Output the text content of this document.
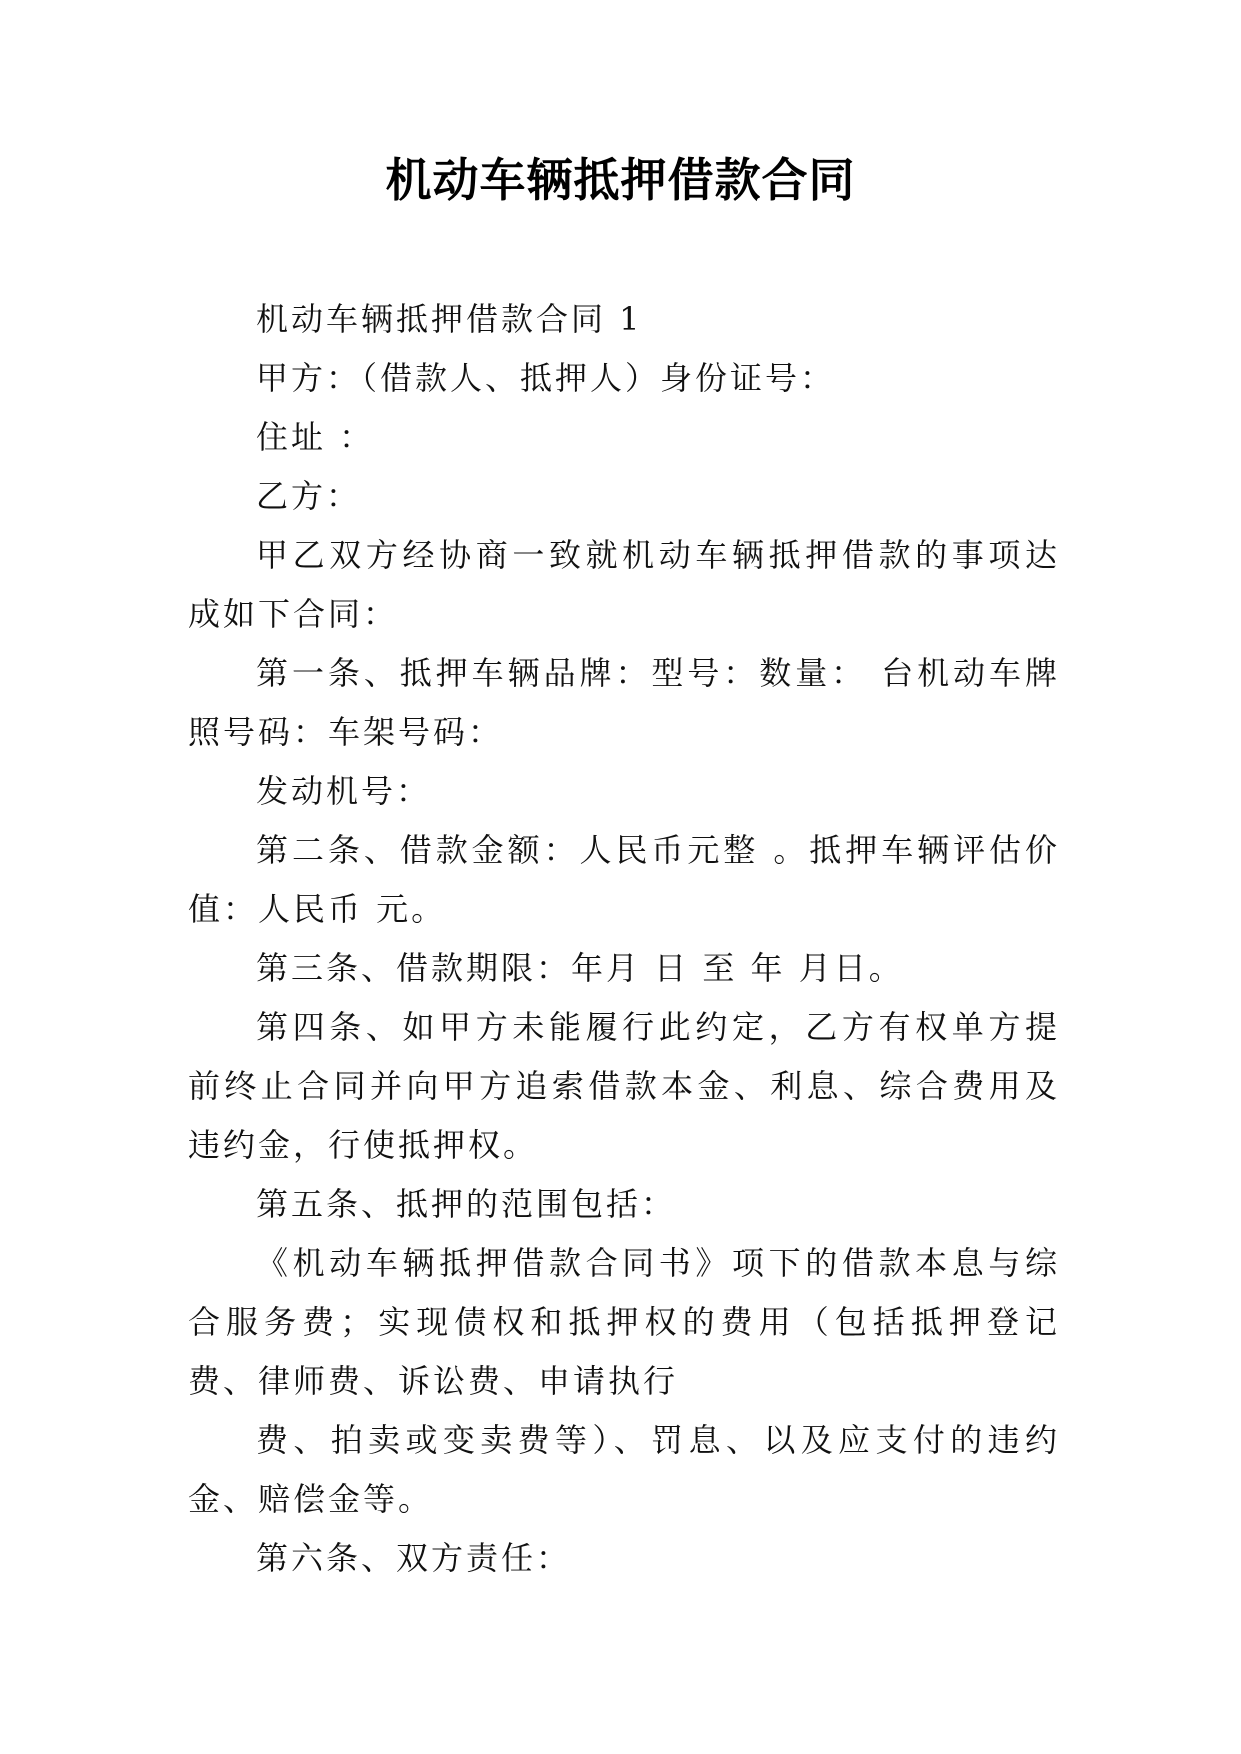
机动车辆抵押借款合同

机动车辆抵押借款合同 1

甲方：（借款人、抵押人）身份证号：

住址 ：

乙方：

甲乙双方经协商一致就机动车辆抵押借款的事项达成如下合同：

第一条、抵押车辆品牌：型号：数量： 台机动车牌照号码：车架号码：

发动机号：

第二条、借款金额：人民币元整 。抵押车辆评估价值：人民币 元。

第三条、借款期限：年月 日 至 年 月日。

第四条、如甲方未能履行此约定，乙方有权单方提前终止合同并向甲方追索借款本金、利息、综合费用及违约金，行使抵押权。

第五条、抵押的范围包括：

《机动车辆抵押借款合同书》项下的借款本息与综合服务费；实现债权和抵押权的费用（包括抵押登记费、律师费、诉讼费、申请执行

费、拍卖或变卖费等）、罚息、以及应支付的违约金、赔偿金等。

第六条、双方责任：
